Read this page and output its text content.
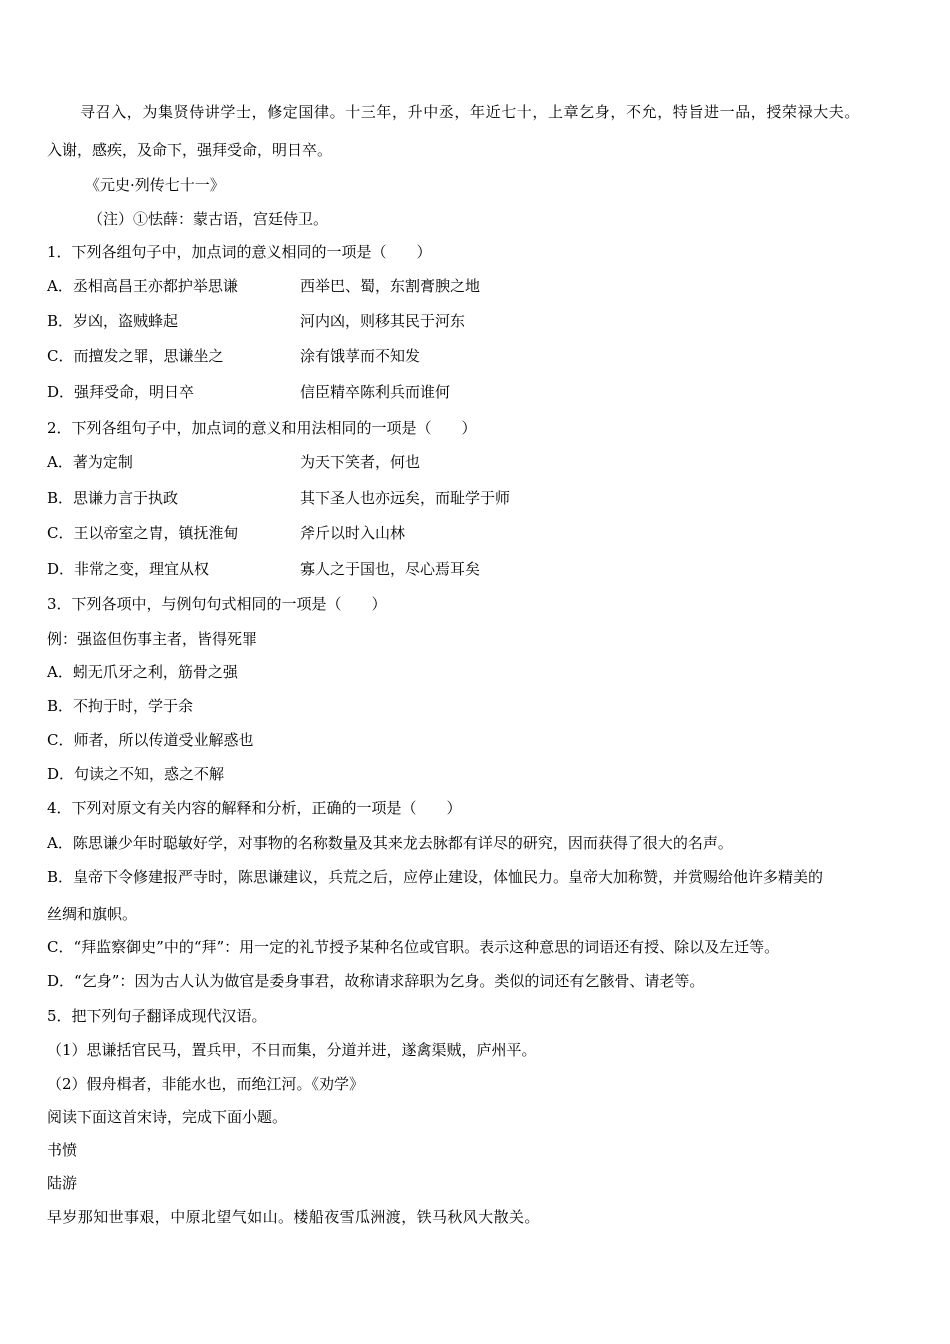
寻召入，为集贤侍讲学士，修定国律。十三年，升中丞，年近七十，上章乞身，不允，特旨进一品，授荣禄大夫。
入谢，感疾，及命下，强拜受命，明日卒。
《元史·列传七十一》
（注）①怯薛：蒙古语，宫廷侍卫。
1．下列各组句子中，加点词的意义相同的一项是（　　）
A．丞相高昌王亦都护举思谦	西举巴、蜀，东割膏腴之地
B．岁凶，盗贼蜂起	河内凶，则移其民于河东
C．而擅发之罪，思谦坐之	涂有饿莩而不知发
D．强拜受命，明日卒	信臣精卒陈利兵而谁何
2．下列各组句子中，加点词的意义和用法相同的一项是（　　）
A．著为定制	为天下笑者，何也
B．思谦力言于执政	其下圣人也亦远矣，而耻学于师
C．王以帝室之胄，镇抚淮甸	斧斤以时入山林
D．非常之变，理宜从权	寡人之于国也，尽心焉耳矣
3．下列各项中，与例句句式相同的一项是（　　）
例：强盗但伤事主者，皆得死罪
A．蚓无爪牙之利，筋骨之强
B．不拘于时，学于余
C．师者，所以传道受业解惑也
D．句读之不知，惑之不解
4．下列对原文有关内容的解释和分析，正确的一项是（　　）
A．陈思谦少年时聪敏好学，对事物的名称数量及其来龙去脉都有详尽的研究，因而获得了很大的名声。
B．皇帝下令修建报严寺时，陈思谦建议，兵荒之后，应停止建设，体恤民力。皇帝大加称赞，并赏赐给他许多精美的
丝绸和旗帜。
C．“拜监察御史”中的“拜”：用一定的礼节授予某种名位或官职。表示这种意思的词语还有授、除以及左迁等。
D．“乞身”：因为古人认为做官是委身事君，故称请求辞职为乞身。类似的词还有乞骸骨、请老等。
5．把下列句子翻译成现代汉语。
（1）思谦括官民马，置兵甲，不日而集，分道并进，遂禽渠贼，庐州平。
（2）假舟楫者，非能水也，而绝江河。《劝学》
阅读下面这首宋诗，完成下面小题。
书愤
陆游
早岁那知世事艰，中原北望气如山。楼船夜雪瓜洲渡，铁马秋风大散关。
